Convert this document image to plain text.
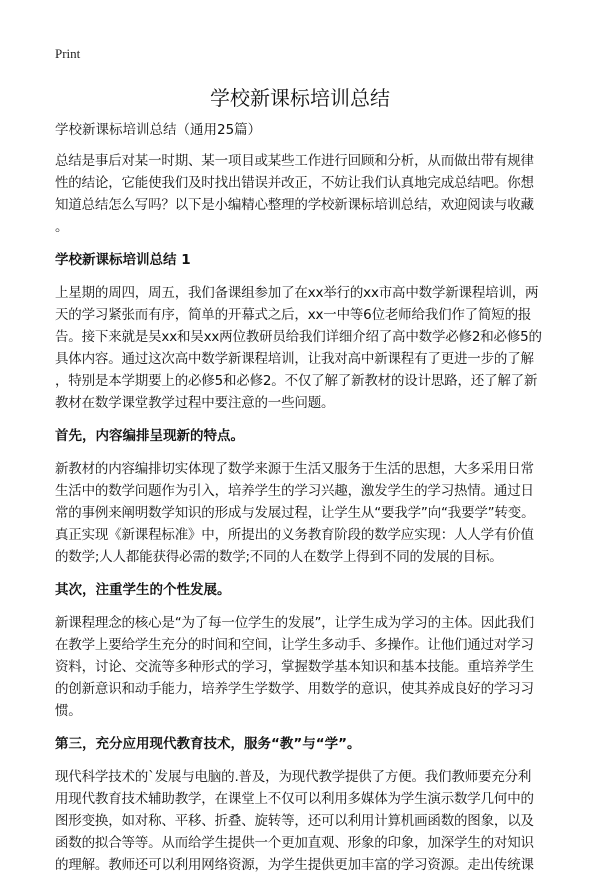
Print
学校新课标培训总结
学校新课标培训总结（通用25篇）
总结是事后对某一时期、某一项目或某些工作进行回顾和分析，从而做出带有规律
性的结论，它能使我们及时找出错误并改正，不妨让我们认真地完成总结吧。你想
知道总结怎么写吗？以下是小编精心整理的学校新课标培训总结，欢迎阅读与收藏
。
学校新课标培训总结 1
上星期的周四，周五，我们备课组参加了在xx举行的xx市高中数学新课程培训，两
天的学习紧张而有序，简单的开幕式之后，xx一中等6位老师给我们作了简短的报
告。接下来就是吴xx和吴xx两位教研员给我们详细介绍了高中数学必修2和必修5的
具体内容。通过这次高中数学新课程培训，让我对高中新课程有了更进一步的了解
，特别是本学期要上的必修5和必修2。不仅了解了新教材的设计思路，还了解了新
教材在数学课堂教学过程中要注意的一些问题。
首先，内容编排呈现新的特点。
新教材的内容编排切实体现了数学来源于生活又服务于生活的思想，大多采用日常
生活中的数学问题作为引入，培养学生的学习兴趣，激发学生的学习热情。通过日
常的事例来阐明数学知识的形成与发展过程，让学生从“要我学”向“我要学”转变。
真正实现《新课程标准》中，所提出的义务教育阶段的数学应实现：人人学有价值
的数学;人人都能获得必需的数学;不同的人在数学上得到不同的发展的目标。
其次，注重学生的个性发展。
新课程理念的核心是“为了每一位学生的发展”，让学生成为学习的主体。因此我们
在教学上要给学生充分的时间和空间，让学生多动手、多操作。让他们通过对学习
资料，讨论、交流等多种形式的学习，掌握数学基本知识和基本技能。重培养学生
的创新意识和动手能力，培养学生学数学、用数学的意识，使其养成良好的学习习
惯。
第三，充分应用现代教育技术，服务“教”与“学”。
现代科学技术的`发展与电脑的.普及，为现代教学提供了方便。我们教师要充分利
用现代教育技术辅助教学，在课堂上不仅可以利用多媒体为学生演示数学几何中的
图形变换，如对称、平移、折叠、旋转等，还可以利用计算机画函数的图象，以及
函数的拟合等等。从而给学生提供一个更加直观、形象的印象，加深学生的对知识
的理解。教师还可以利用网络资源，为学生提供更加丰富的学习资源。走出传统课
